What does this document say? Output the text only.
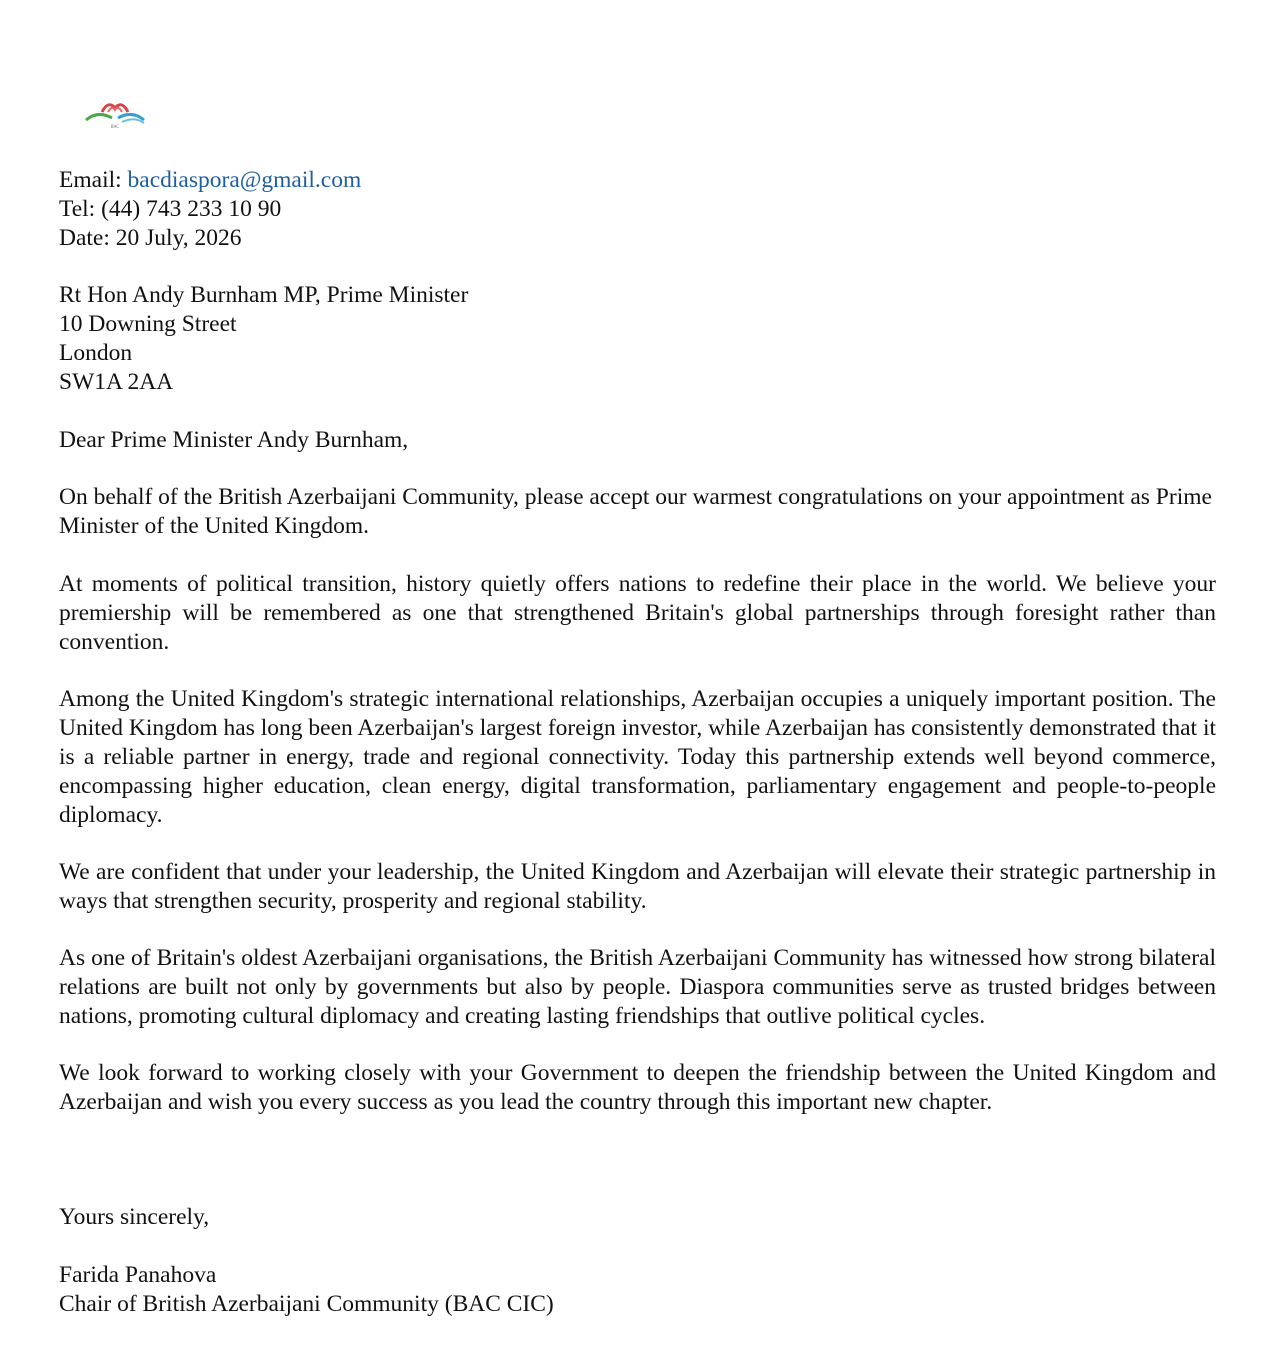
BAC
Email: bacdiaspora@gmail.com
Tel: (44) 743 233 10 90
Date: 20 July, 2026
Rt Hon Andy Burnham MP, Prime Minister
10 Downing Street
London
SW1A 2AA
Dear Prime Minister Andy Burnham,
On behalf of the British Azerbaijani Community, please accept our warmest congratulations on your appointment as Prime Minister of the United Kingdom.
At moments of political transition, history quietly offers nations to redefine their place in the world. We believe your premiership will be remembered as one that strengthened Britain's global partnerships through foresight rather than convention.
Among the United Kingdom's strategic international relationships, Azerbaijan occupies a uniquely important position. The United Kingdom has long been Azerbaijan's largest foreign investor, while Azerbaijan has consistently demonstrated that it is a reliable partner in energy, trade and regional connectivity. Today this partnership extends well beyond commerce, encompassing higher education, clean energy, digital transformation, parliamentary engagement and people-to-people diplomacy.
We are confident that under your leadership, the United Kingdom and Azerbaijan will elevate their strategic partnership in ways that strengthen security, prosperity and regional stability.
As one of Britain's oldest Azerbaijani organisations, the British Azerbaijani Community has witnessed how strong bilateral relations are built not only by governments but also by people. Diaspora communities serve as trusted bridges between nations, promoting cultural diplomacy and creating lasting friendships that outlive political cycles.
We look forward to working closely with your Government to deepen the friendship between the United Kingdom and Azerbaijan and wish you every success as you lead the country through this important new chapter.
Yours sincerely,
Farida Panahova
Chair of British Azerbaijani Community (BAC CIC)
